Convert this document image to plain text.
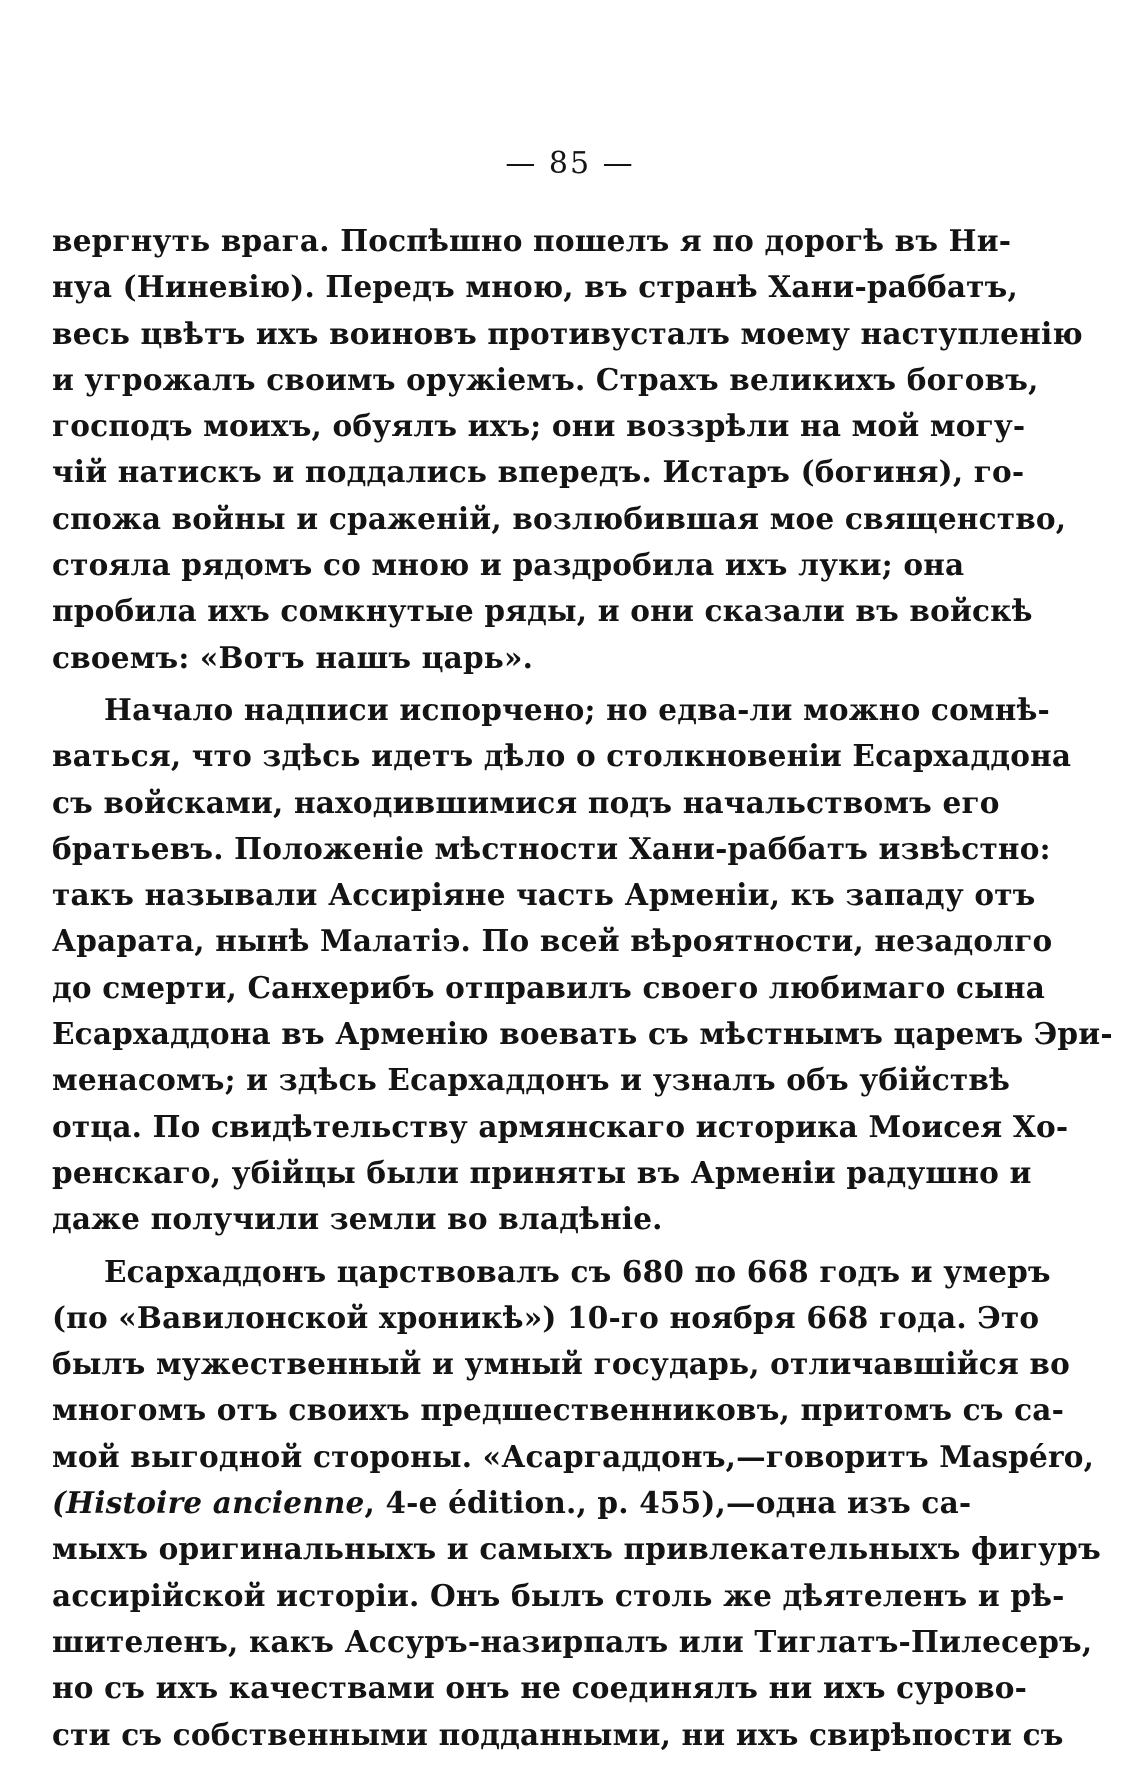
— 85 —
вергнуть врага. Поспѣшно пошелъ я по дорогѣ въ Ни-
нуа (Ниневію). Передъ мною, въ странѣ Хани-раббатъ,
весь цвѣтъ ихъ воиновъ противусталъ моему наступленію
и угрожалъ своимъ оружіемъ. Страхъ великихъ боговъ,
господъ моихъ, обуялъ ихъ; они воззрѣли на мой могу-
чій натискъ и поддались впередъ. Истаръ (богиня), го-
спожа войны и сраженій, возлюбившая мое священство,
стояла рядомъ со мною и раздробила ихъ луки; она
пробила ихъ сомкнутые ряды, и они сказали въ войскѣ
своемъ: «Вотъ нашъ царь».
Начало надписи испорчено; но едва-ли можно сомнѣ-
ваться, что здѣсь идетъ дѣло о столкновеніи Есархаддона
съ войсками, находившимися подъ начальствомъ его
братьевъ. Положеніе мѣстности Хани-раббатъ извѣстно:
такъ называли Ассиріяне часть Арменіи, къ западу отъ
Арарата, нынѣ Малатіэ. По всей вѣроятности, незадолго
до смерти, Санхерибъ отправилъ своего любимаго сына
Есархаддона въ Арменію воевать съ мѣстнымъ царемъ Эри-
менасомъ; и здѣсь Есархаддонъ и узналъ объ убійствѣ
отца. По свидѣтельству армянскаго историка Моисея Хо-
ренскаго, убійцы были приняты въ Арменіи радушно и
даже получили земли во владѣніе.
Есархаддонъ царствовалъ съ 680 по 668 годъ и умеръ
(по «Вавилонской хроникѣ») 10-го ноября 668 года. Это
былъ мужественный и умный государь, отличавшійся во
многомъ отъ своихъ предшественниковъ, притомъ съ са-
мой выгодной стороны. «Асаргаддонъ,—говоритъ Maspéro,
(Histoire ancienne, 4-e édition., p. 455),—одна изъ са-
мыхъ оригинальныхъ и самыхъ привлекательныхъ фигуръ
ассирійской исторіи. Онъ былъ столь же дѣятеленъ и рѣ-
шителенъ, какъ Ассуръ-назирпалъ или Тиглатъ-Пилесеръ,
но съ ихъ качествами онъ не соединялъ ни ихъ сурово-
сти съ собственными подданными, ни ихъ свирѣпости съ
